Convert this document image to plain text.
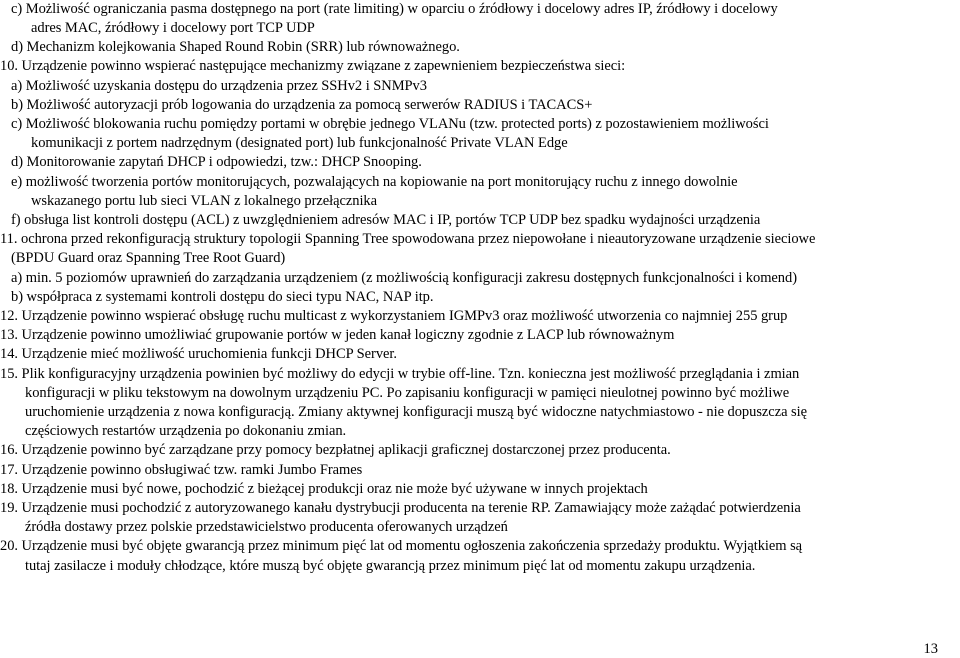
c) Możliwość ograniczania pasma dostępnego na port (rate limiting) w oparciu o źródłowy i docelowy adres IP, źródłowy i docelowy
adres MAC, źródłowy i docelowy port TCP UDP
d) Mechanizm kolejkowania Shaped Round Robin (SRR) lub równoważnego.
10. Urządzenie powinno wspierać następujące mechanizmy związane z zapewnieniem bezpieczeństwa sieci:
a) Możliwość uzyskania dostępu do urządzenia przez SSHv2 i SNMPv3
b) Możliwość autoryzacji prób logowania do urządzenia za pomocą serwerów RADIUS i TACACS+
c) Możliwość blokowania ruchu pomiędzy portami w obrębie jednego VLANu (tzw. protected ports) z pozostawieniem możliwości
komunikacji z portem nadrzędnym (designated port) lub funkcjonalność Private VLAN Edge
d) Monitorowanie zapytań DHCP i odpowiedzi, tzw.: DHCP Snooping.
e) możliwość tworzenia portów monitorujących, pozwalających na kopiowanie na port monitorujący ruchu z innego dowolnie
wskazanego portu lub sieci VLAN z lokalnego przełącznika
f) obsługa list kontroli dostępu (ACL) z uwzględnieniem adresów MAC i IP, portów TCP UDP bez spadku wydajności urządzenia
11. ochrona przed rekonfiguracją struktury topologii Spanning Tree spowodowana przez niepowołane i nieautoryzowane urządzenie sieciowe
(BPDU Guard oraz Spanning Tree Root Guard)
a) min. 5 poziomów uprawnień do zarządzania urządzeniem (z możliwością konfiguracji zakresu dostępnych funkcjonalności i komend)
b) współpraca z systemami kontroli dostępu do sieci typu NAC, NAP itp.
12. Urządzenie powinno wspierać obsługę ruchu multicast z wykorzystaniem IGMPv3 oraz możliwość utworzenia co najmniej 255 grup
13. Urządzenie powinno umożliwiać grupowanie portów w jeden kanał logiczny zgodnie z LACP lub równoważnym
14. Urządzenie mieć możliwość uruchomienia funkcji DHCP Server.
15. Plik konfiguracyjny urządzenia powinien być możliwy do edycji w trybie off-line. Tzn. konieczna jest możliwość przeglądania i zmian
konfiguracji w pliku tekstowym na dowolnym urządzeniu PC. Po zapisaniu konfiguracji w pamięci nieulotnej powinno być możliwe
uruchomienie urządzenia z nowa konfiguracją. Zmiany aktywnej konfiguracji muszą być widoczne natychmiastowo - nie dopuszcza się
częściowych restartów urządzenia po dokonaniu zmian.
16. Urządzenie powinno być zarządzane przy pomocy bezpłatnej aplikacji graficznej dostarczonej przez producenta.
17. Urządzenie powinno obsługiwać tzw. ramki Jumbo Frames
18. Urządzenie musi być nowe, pochodzić z bieżącej produkcji oraz nie może być używane w innych projektach
19. Urządzenie musi pochodzić z autoryzowanego kanału dystrybucji producenta na terenie RP. Zamawiający może zażądać potwierdzenia
źródła dostawy przez polskie przedstawicielstwo producenta oferowanych urządzeń
20. Urządzenie musi być objęte gwarancją przez minimum pięć lat od momentu ogłoszenia zakończenia sprzedaży produktu. Wyjątkiem są
tutaj zasilacze i moduły chłodzące, które muszą być objęte gwarancją przez minimum pięć lat od momentu zakupu urządzenia.
13
